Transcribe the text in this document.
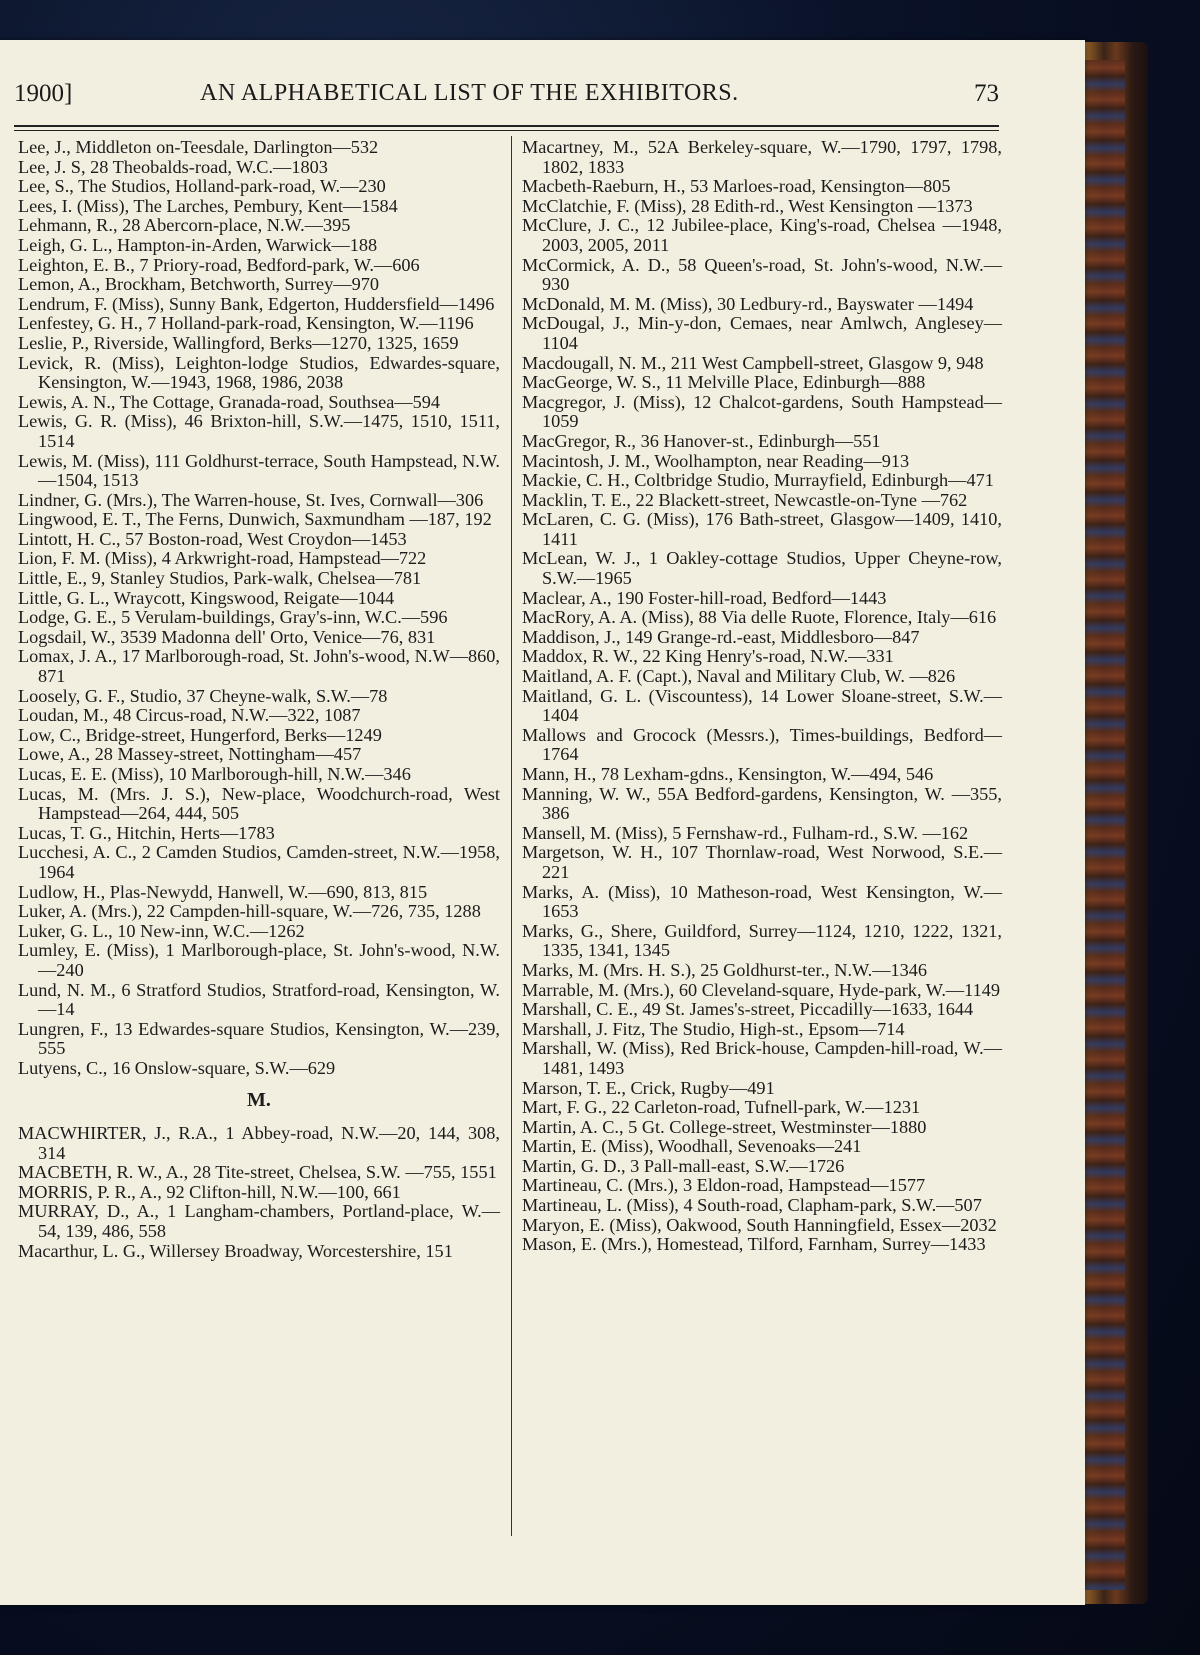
1900]	AN ALPHABETICAL LIST OF THE EXHIBITORS.	73

Lee, J., Middleton on-Teesdale, Darlington—532

Lee, J. S, 28 Theobalds-road, W.C.—1803

Lee, S., The Studios, Holland-park-road, W.—230

Lees, I. (Miss), The Larches, Pembury, Kent—1584

Lehmann, R., 28 Abercorn-place, N.W.—395

Leigh, G. L., Hampton-in-Arden, Warwick—188

Leighton, E. B., 7 Priory-road, Bedford-park, W.—606

Lemon, A., Brockham, Betchworth, Surrey—970

Lendrum, F. (Miss), Sunny Bank, Edgerton, Huddersfield—1496

Lenfestey, G. H., 7 Holland-park-road, Kensington, W.—1196

Leslie, P., Riverside, Wallingford, Berks—1270, 1325, 1659

Levick, R. (Miss), Leighton-lodge Studios, Edwardes-square, Kensington, W.—1943, 1968, 1986, 2038

Lewis, A. N., The Cottage, Granada-road, Southsea—594

Lewis, G. R. (Miss), 46 Brixton-hill, S.W.—1475, 1510, 1511, 1514

Lewis, M. (Miss), 111 Goldhurst-terrace, South Hampstead, N.W.—1504, 1513

Lindner, G. (Mrs.), The Warren-house, St. Ives, Cornwall—306

Lingwood, E. T., The Ferns, Dunwich, Saxmundham —187, 192

Lintott, H. C., 57 Boston-road, West Croydon—1453

Lion, F. M. (Miss), 4 Arkwright-road, Hampstead—722

Little, E., 9, Stanley Studios, Park-walk, Chelsea—781

Little, G. L., Wraycott, Kingswood, Reigate—1044

Lodge, G. E., 5 Verulam-buildings, Gray's-inn, W.C.—596

Logsdail, W., 3539 Madonna dell' Orto, Venice—76, 831

Lomax, J. A., 17 Marlborough-road, St. John's-wood, N.W—860, 871

Loosely, G. F., Studio, 37 Cheyne-walk, S.W.—78

Loudan, M., 48 Circus-road, N.W.—322, 1087

Low, C., Bridge-street, Hungerford, Berks—1249

Lowe, A., 28 Massey-street, Nottingham—457

Lucas, E. E. (Miss), 10 Marlborough-hill, N.W.—346

Lucas, M. (Mrs. J. S.), New-place, Woodchurch-road, West Hampstead—264, 444, 505

Lucas, T. G., Hitchin, Herts—1783

Lucchesi, A. C., 2 Camden Studios, Camden-street, N.W.—1958, 1964

Ludlow, H., Plas-Newydd, Hanwell, W.—690, 813, 815

Luker, A. (Mrs.), 22 Campden-hill-square, W.—726, 735, 1288

Luker, G. L., 10 New-inn, W.C.—1262

Lumley, E. (Miss), 1 Marlborough-place, St. John's-wood, N.W.—240

Lund, N. M., 6 Stratford Studios, Stratford-road, Kensington, W.—14

Lungren, F., 13 Edwardes-square Studios, Kensington, W.—239, 555

Lutyens, C., 16 Onslow-square, S.W.—629

M.

MACWHIRTER, J., R.A., 1 Abbey-road, N.W.—20, 144, 308, 314

MACBETH, R. W., A., 28 Tite-street, Chelsea, S.W. —755, 1551

MORRIS, P. R., A., 92 Clifton-hill, N.W.—100, 661

MURRAY, D., A., 1 Langham-chambers, Portland-place, W.—54, 139, 486, 558

Macarthur, L. G., Willersey Broadway, Worcestershire, 151

Macartney, M., 52A Berkeley-square, W.—1790, 1797, 1798, 1802, 1833

Macbeth-Raeburn, H., 53 Marloes-road, Kensington—805

McClatchie, F. (Miss), 28 Edith-rd., West Kensington —1373

McClure, J. C., 12 Jubilee-place, King's-road, Chelsea —1948, 2003, 2005, 2011

McCormick, A. D., 58 Queen's-road, St. John's-wood, N.W.—930

McDonald, M. M. (Miss), 30 Ledbury-rd., Bayswater —1494

McDougal, J., Min-y-don, Cemaes, near Amlwch, Anglesey—1104

Macdougall, N. M., 211 West Campbell-street, Glasgow 9, 948

MacGeorge, W. S., 11 Melville Place, Edinburgh—888

Macgregor, J. (Miss), 12 Chalcot-gardens, South Hampstead—1059

MacGregor, R., 36 Hanover-st., Edinburgh—551

Macintosh, J. M., Woolhampton, near Reading—913

Mackie, C. H., Coltbridge Studio, Murrayfield, Edinburgh—471

Macklin, T. E., 22 Blackett-street, Newcastle-on-Tyne —762

McLaren, C. G. (Miss), 176 Bath-street, Glasgow—1409, 1410, 1411

McLean, W. J., 1 Oakley-cottage Studios, Upper Cheyne-row, S.W.—1965

Maclear, A., 190 Foster-hill-road, Bedford—1443

MacRory, A. A. (Miss), 88 Via delle Ruote, Florence, Italy—616

Maddison, J., 149 Grange-rd.-east, Middlesboro—847

Maddox, R. W., 22 King Henry's-road, N.W.—331

Maitland, A. F. (Capt.), Naval and Military Club, W. —826

Maitland, G. L. (Viscountess), 14 Lower Sloane-street, S.W.—1404

Mallows and Grocock (Messrs.), Times-buildings, Bedford—1764

Mann, H., 78 Lexham-gdns., Kensington, W.—494, 546

Manning, W. W., 55A Bedford-gardens, Kensington, W. —355, 386

Mansell, M. (Miss), 5 Fernshaw-rd., Fulham-rd., S.W. —162

Margetson, W. H., 107 Thornlaw-road, West Norwood, S.E.—221

Marks, A. (Miss), 10 Matheson-road, West Kensington, W.—1653

Marks, G., Shere, Guildford, Surrey—1124, 1210, 1222, 1321, 1335, 1341, 1345

Marks, M. (Mrs. H. S.), 25 Goldhurst-ter., N.W.—1346

Marrable, M. (Mrs.), 60 Cleveland-square, Hyde-park, W.—1149

Marshall, C. E., 49 St. James's-street, Piccadilly—1633, 1644

Marshall, J. Fitz, The Studio, High-st., Epsom—714

Marshall, W. (Miss), Red Brick-house, Campden-hill-road, W.—1481, 1493

Marson, T. E., Crick, Rugby—491

Mart, F. G., 22 Carleton-road, Tufnell-park, W.—1231

Martin, A. C., 5 Gt. College-street, Westminster—1880

Martin, E. (Miss), Woodhall, Sevenoaks—241

Martin, G. D., 3 Pall-mall-east, S.W.—1726

Martineau, C. (Mrs.), 3 Eldon-road, Hampstead—1577

Martineau, L. (Miss), 4 South-road, Clapham-park, S.W.—507

Maryon, E. (Miss), Oakwood, South Hanningfield, Essex—2032

Mason, E. (Mrs.), Homestead, Tilford, Farnham, Surrey—1433
